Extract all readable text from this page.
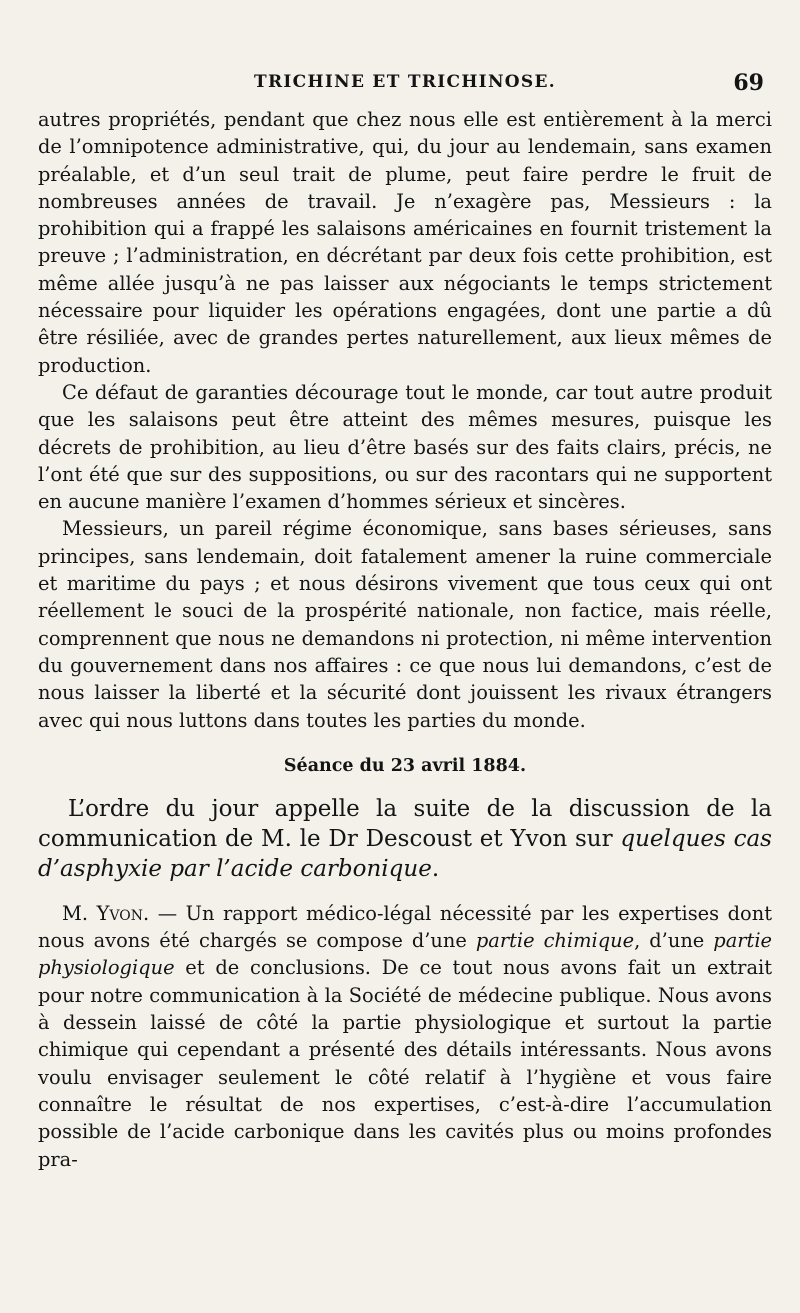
TRICHINE ET TRICHINOSE.	69

autres propriétés, pendant que chez nous elle est entièrement à la merci de l’omnipotence administrative, qui, du jour au lendemain, sans examen préalable, et d’un seul trait de plume, peut faire perdre le fruit de nombreuses années de travail. Je n’exagère pas, Messieurs : la prohibition qui a frappé les salaisons américaines en fournit tristement la preuve ; l’administration, en décrétant par deux fois cette prohibition, est même allée jusqu’à ne pas laisser aux négociants le temps strictement nécessaire pour liquider les opérations engagées, dont une partie a dû être résiliée, avec de grandes pertes naturellement, aux lieux mêmes de production.

Ce défaut de garanties décourage tout le monde, car tout autre produit que les salaisons peut être atteint des mêmes mesures, puisque les décrets de prohibition, au lieu d’être basés sur des faits clairs, précis, ne l’ont été que sur des suppositions, ou sur des racontars qui ne supportent en aucune manière l’examen d’hommes sérieux et sincères.

Messieurs, un pareil régime économique, sans bases sérieuses, sans principes, sans lendemain, doit fatalement amener la ruine commerciale et maritime du pays ; et nous désirons vivement que tous ceux qui ont réellement le souci de la prospérité nationale, non factice, mais réelle, comprennent que nous ne demandons ni protection, ni même intervention du gouvernement dans nos affaires : ce que nous lui demandons, c’est de nous laisser la liberté et la sécurité dont jouissent les rivaux étrangers avec qui nous luttons dans toutes les parties du monde.

Séance du 23 avril 1884.

L’ordre du jour appelle la suite de la discussion de la communication de M. le Dr Descoust et Yvon sur quelques cas d’asphyxie par l’acide carbonique.

M. Yvon. — Un rapport médico-légal nécessité par les expertises dont nous avons été chargés se compose d’une partie chimique, d’une partie physiologique et de conclusions. De ce tout nous avons fait un extrait pour notre communication à la Société de médecine publique. Nous avons à dessein laissé de côté la partie physiologique et surtout la partie chimique qui cependant a présenté des détails intéressants. Nous avons voulu envisager seulement le côté relatif à l’hygiène et vous faire connaître le résultat de nos expertises, c’est-à-dire l’accumulation possible de l’acide carbonique dans les cavités plus ou moins profondes pra-
